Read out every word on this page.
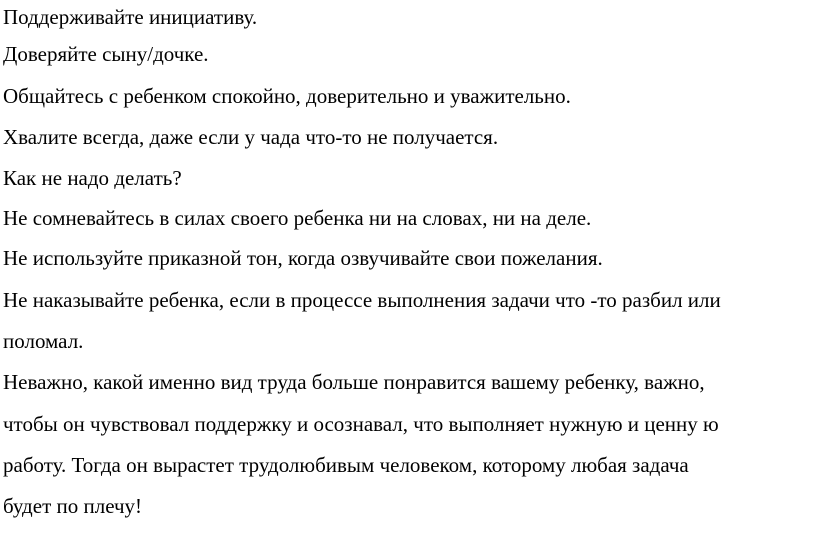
Поддерживайте инициативу.

Доверяйте сыну/дочке.

Общайтесь с ребенком спокойно, доверительно и уважительно.

Хвалите всегда, даже если у чада что-то не получается.

Как не надо делать?

Не сомневайтесь в силах своего ребенка ни на словах, ни на деле.

Не используйте приказной тон, когда озвучивайте свои пожелания.

Не наказывайте ребенка, если в процессе выполнения задачи что -то разбил или

поломал.

Неважно, какой именно вид труда больше понравится вашему ребенку, важно,

чтобы он чувствовал поддержку и осознавал, что выполняет нужную и ценну ю

работу. Тогда он вырастет трудолюбивым человеком, которому любая задача

будет по плечу!
